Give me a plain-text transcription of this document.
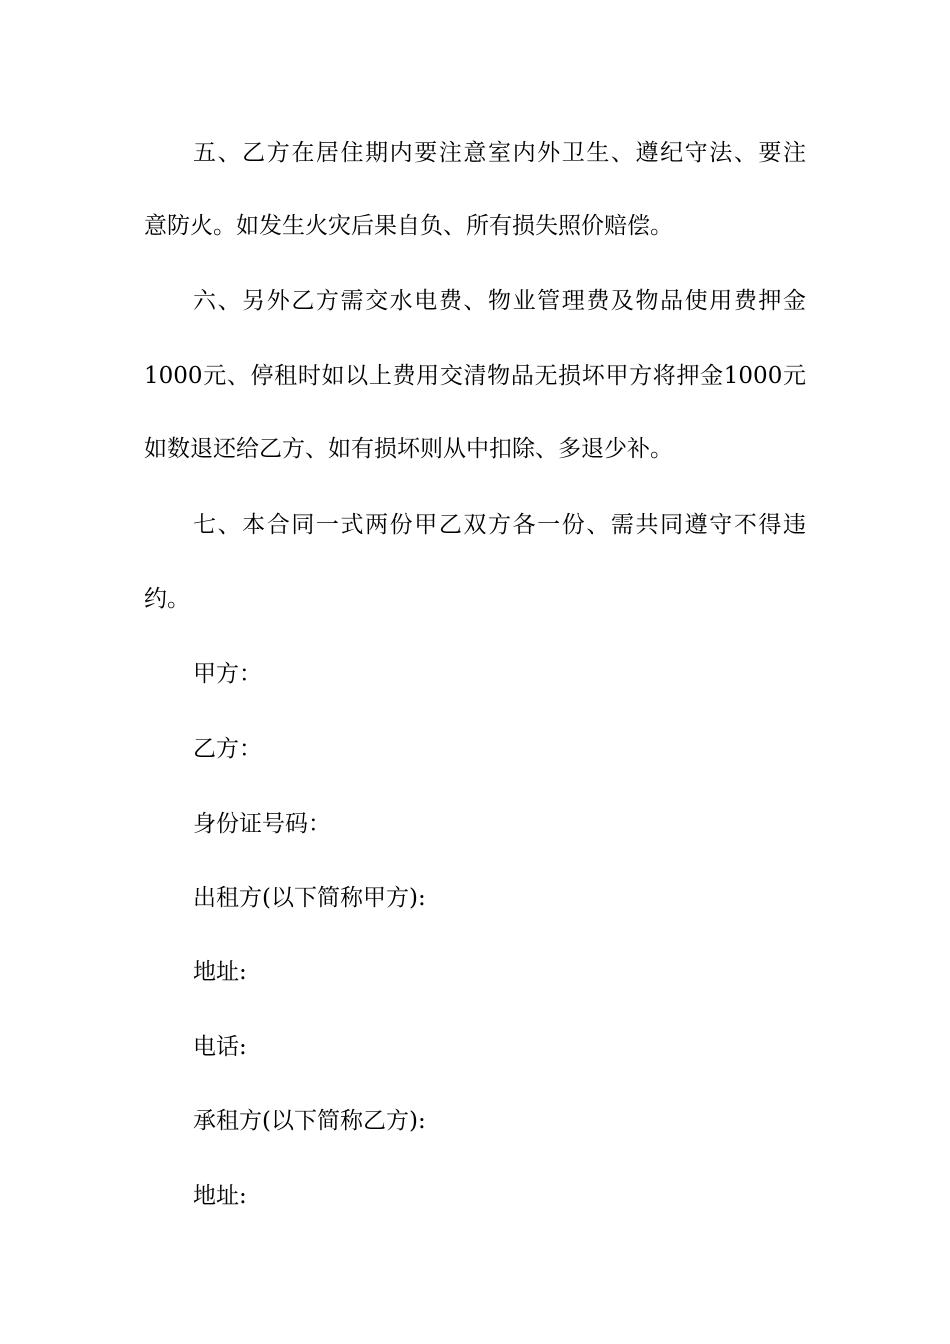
五、乙方在居住期内要注意室内外卫生、遵纪守法、要注
意防火。如发生火灾后果自负、所有损失照价赔偿。
六、另外乙方需交水电费、物业管理费及物品使用费押金
1000元、停租时如以上费用交清物品无损坏甲方将押金1000元
如数退还给乙方、如有损坏则从中扣除、多退少补。
七、本合同一式两份甲乙双方各一份、需共同遵守不得违
约。
甲方：
乙方：
身份证号码：
出租方(以下简称甲方):
地址:
电话:
承租方(以下简称乙方):
地址:
